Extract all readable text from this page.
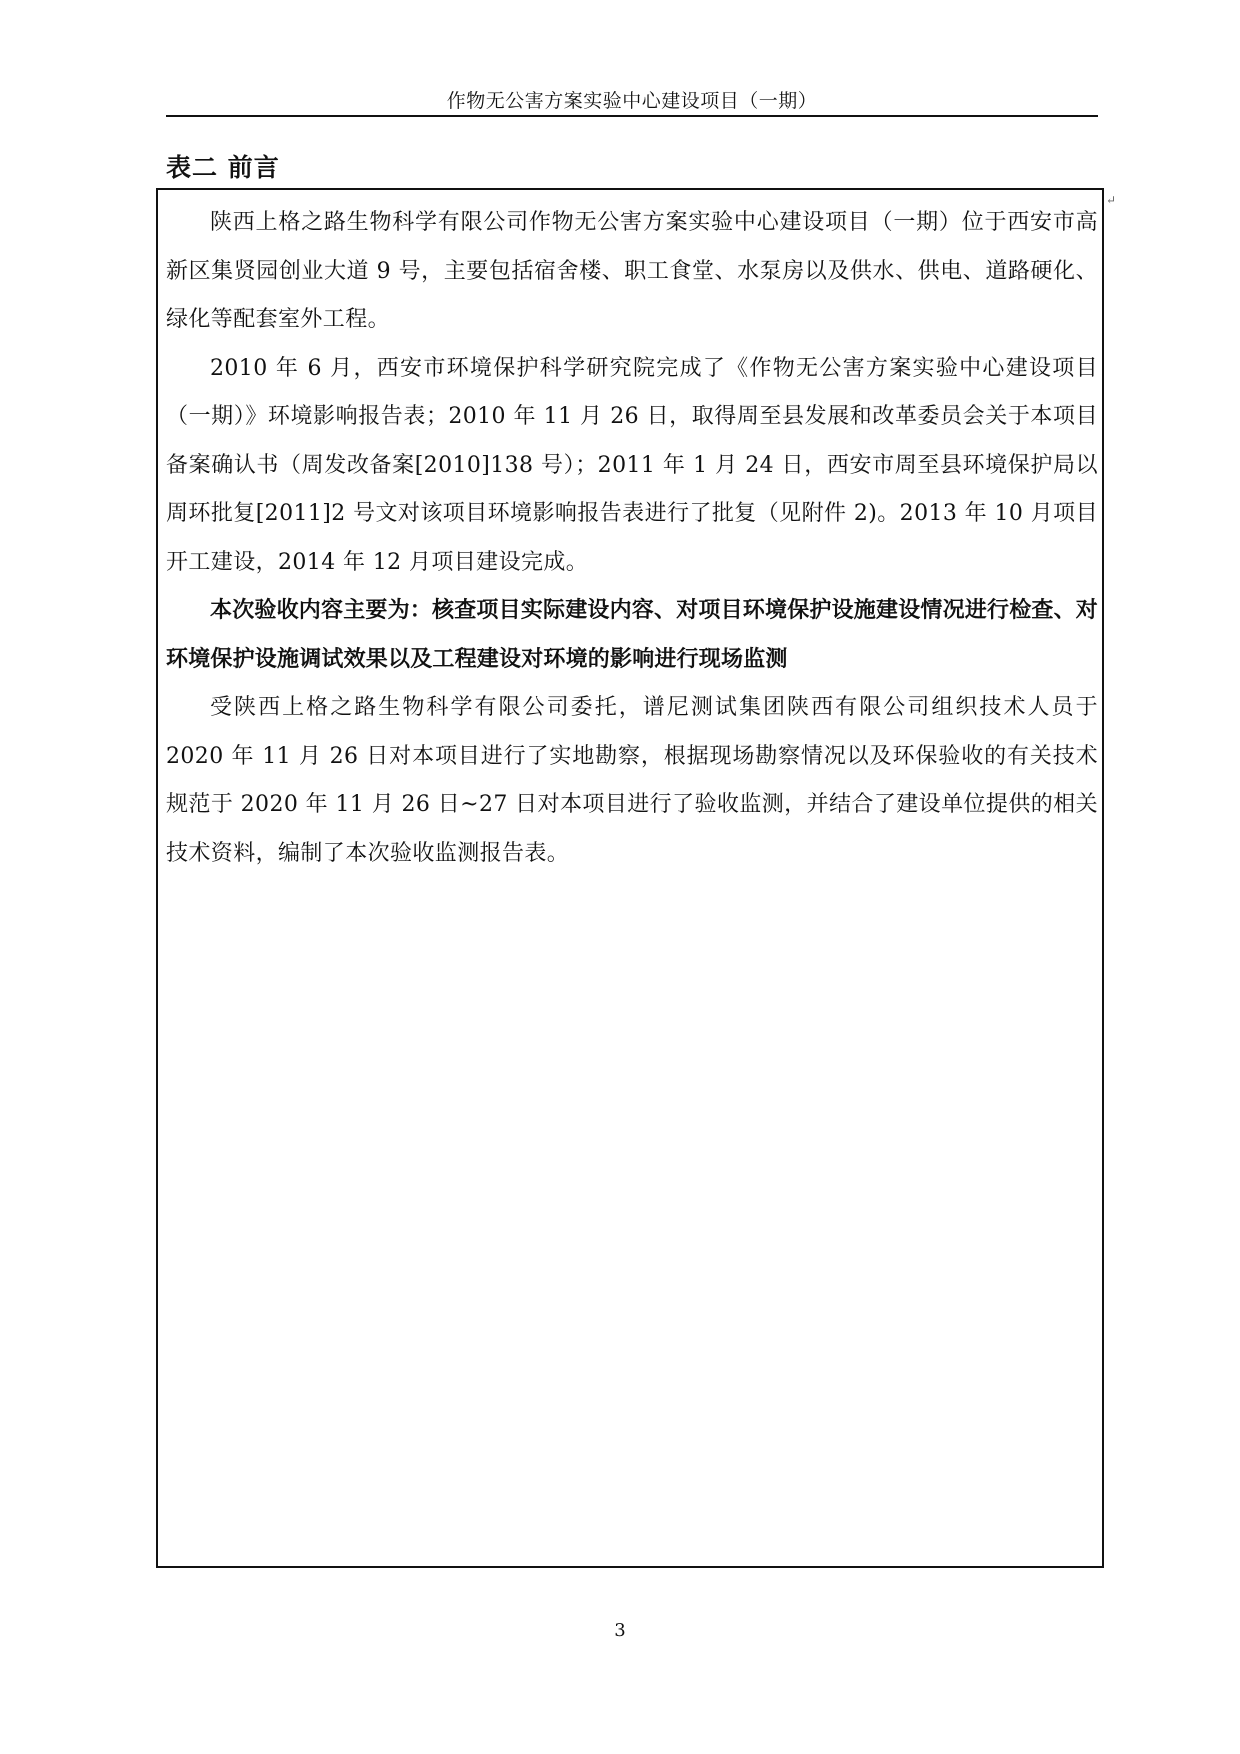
作物无公害方案实验中心建设项目（一期）
表二 前言
↵

陕西上格之路生物科学有限公司作物无公害方案实验中心建设项目（一期）位于西安市高新区集贤园创业大道 9 号，主要包括宿舍楼、职工食堂、水泵房以及供水、供电、道路硬化、绿化等配套室外工程。

2010 年 6 月，西安市环境保护科学研究院完成了《作物无公害方案实验中心建设项目（一期）》环境影响报告表；2010 年 11 月 26 日，取得周至县发展和改革委员会关于本项目备案确认书（周发改备案[2010]138 号）；2011 年 1 月 24 日，西安市周至县环境保护局以周环批复[2011]2 号文对该项目环境影响报告表进行了批复（见附件 2)。2013 年 10 月项目开工建设，2014 年 12 月项目建设完成。

本次验收内容主要为：核查项目实际建设内容、对项目环境保护设施建设情况进行检查、对环境保护设施调试效果以及工程建设对环境的影响进行现场监测

受陕西上格之路生物科学有限公司委托，谱尼测试集团陕西有限公司组织技术人员于 2020 年 11 月 26 日对本项目进行了实地勘察，根据现场勘察情况以及环保验收的有关技术规范于 2020 年 11 月 26 日~27 日对本项目进行了验收监测，并结合了建设单位提供的相关技术资料，编制了本次验收监测报告表。

3
